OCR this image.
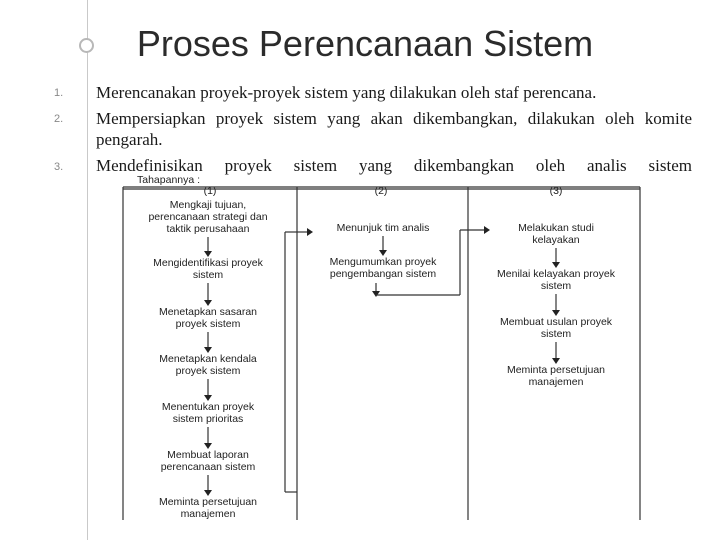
Proses Perencanaan Sistem
1. Merencanakan proyek-proyek sistem yang dilakukan oleh staf perencana.
2. Mempersiapkan proyek sistem yang akan dikembangkan, dilakukan oleh komite pengarah.
3. Mendefinisikan proyek sistem yang dikembangkan oleh analis sistem
Tahapannya :
(1)	(2)	(3)
Mengkaji tujuan,
perencanaan strategi dan
taktik perusahaan
Mengidentifikasi proyek
sistem
Menetapkan sasaran
proyek sistem
Menetapkan kendala
proyek sistem
Menentukan proyek
sistem prioritas
Membuat laporan
perencanaan sistem
Meminta persetujuan
manajemen
Menunjuk tim analis
Mengumumkan proyek
pengembangan sistem
Melakukan studi
kelayakan
Menilai kelayakan proyek
sistem
Membuat usulan proyek
sistem
Meminta persetujuan
manajemen
